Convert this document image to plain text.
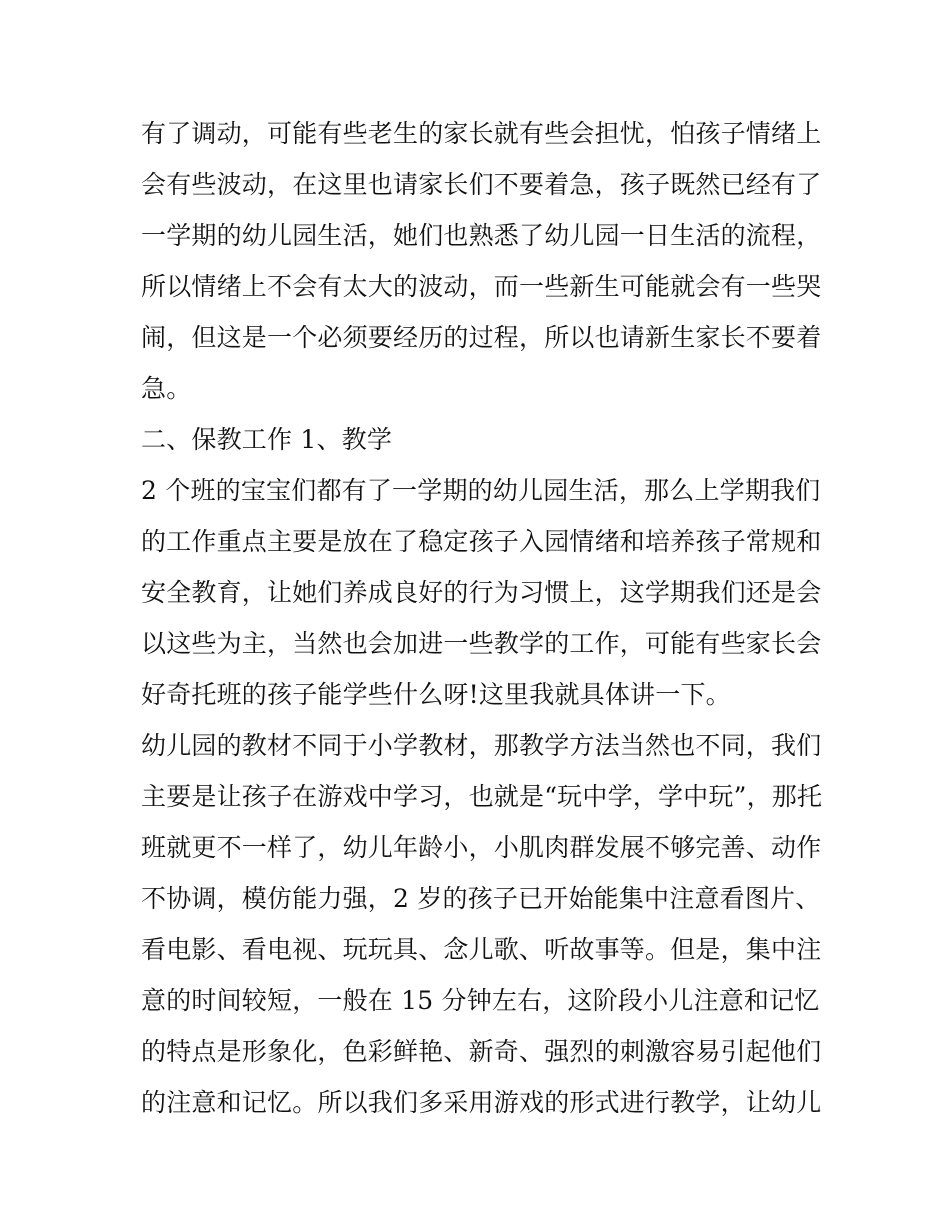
有了调动，可能有些老生的家长就有些会担忧，怕孩子情绪上
会有些波动，在这里也请家长们不要着急，孩子既然已经有了
一学期的幼儿园生活，她们也熟悉了幼儿园一日生活的流程，
所以情绪上不会有太大的波动，而一些新生可能就会有一些哭
闹，但这是一个必须要经历的过程，所以也请新生家长不要着
急。
二、保教工作 1、教学
2 个班的宝宝们都有了一学期的幼儿园生活，那么上学期我们
的工作重点主要是放在了稳定孩子入园情绪和培养孩子常规和
安全教育，让她们养成良好的行为习惯上，这学期我们还是会
以这些为主，当然也会加进一些教学的工作，可能有些家长会
好奇托班的孩子能学些什么呀!这里我就具体讲一下。
幼儿园的教材不同于小学教材，那教学方法当然也不同，我们
主要是让孩子在游戏中学习，也就是“玩中学，学中玩”，那托
班就更不一样了，幼儿年龄小，小肌肉群发展不够完善、动作
不协调，模仿能力强，2 岁的孩子已开始能集中注意看图片、
看电影、看电视、玩玩具、念儿歌、听故事等。但是，集中注
意的时间较短，一般在 15 分钟左右，这阶段小儿注意和记忆
的特点是形象化，色彩鲜艳、新奇、强烈的刺激容易引起他们
的注意和记忆。所以我们多采用游戏的形式进行教学，让幼儿
